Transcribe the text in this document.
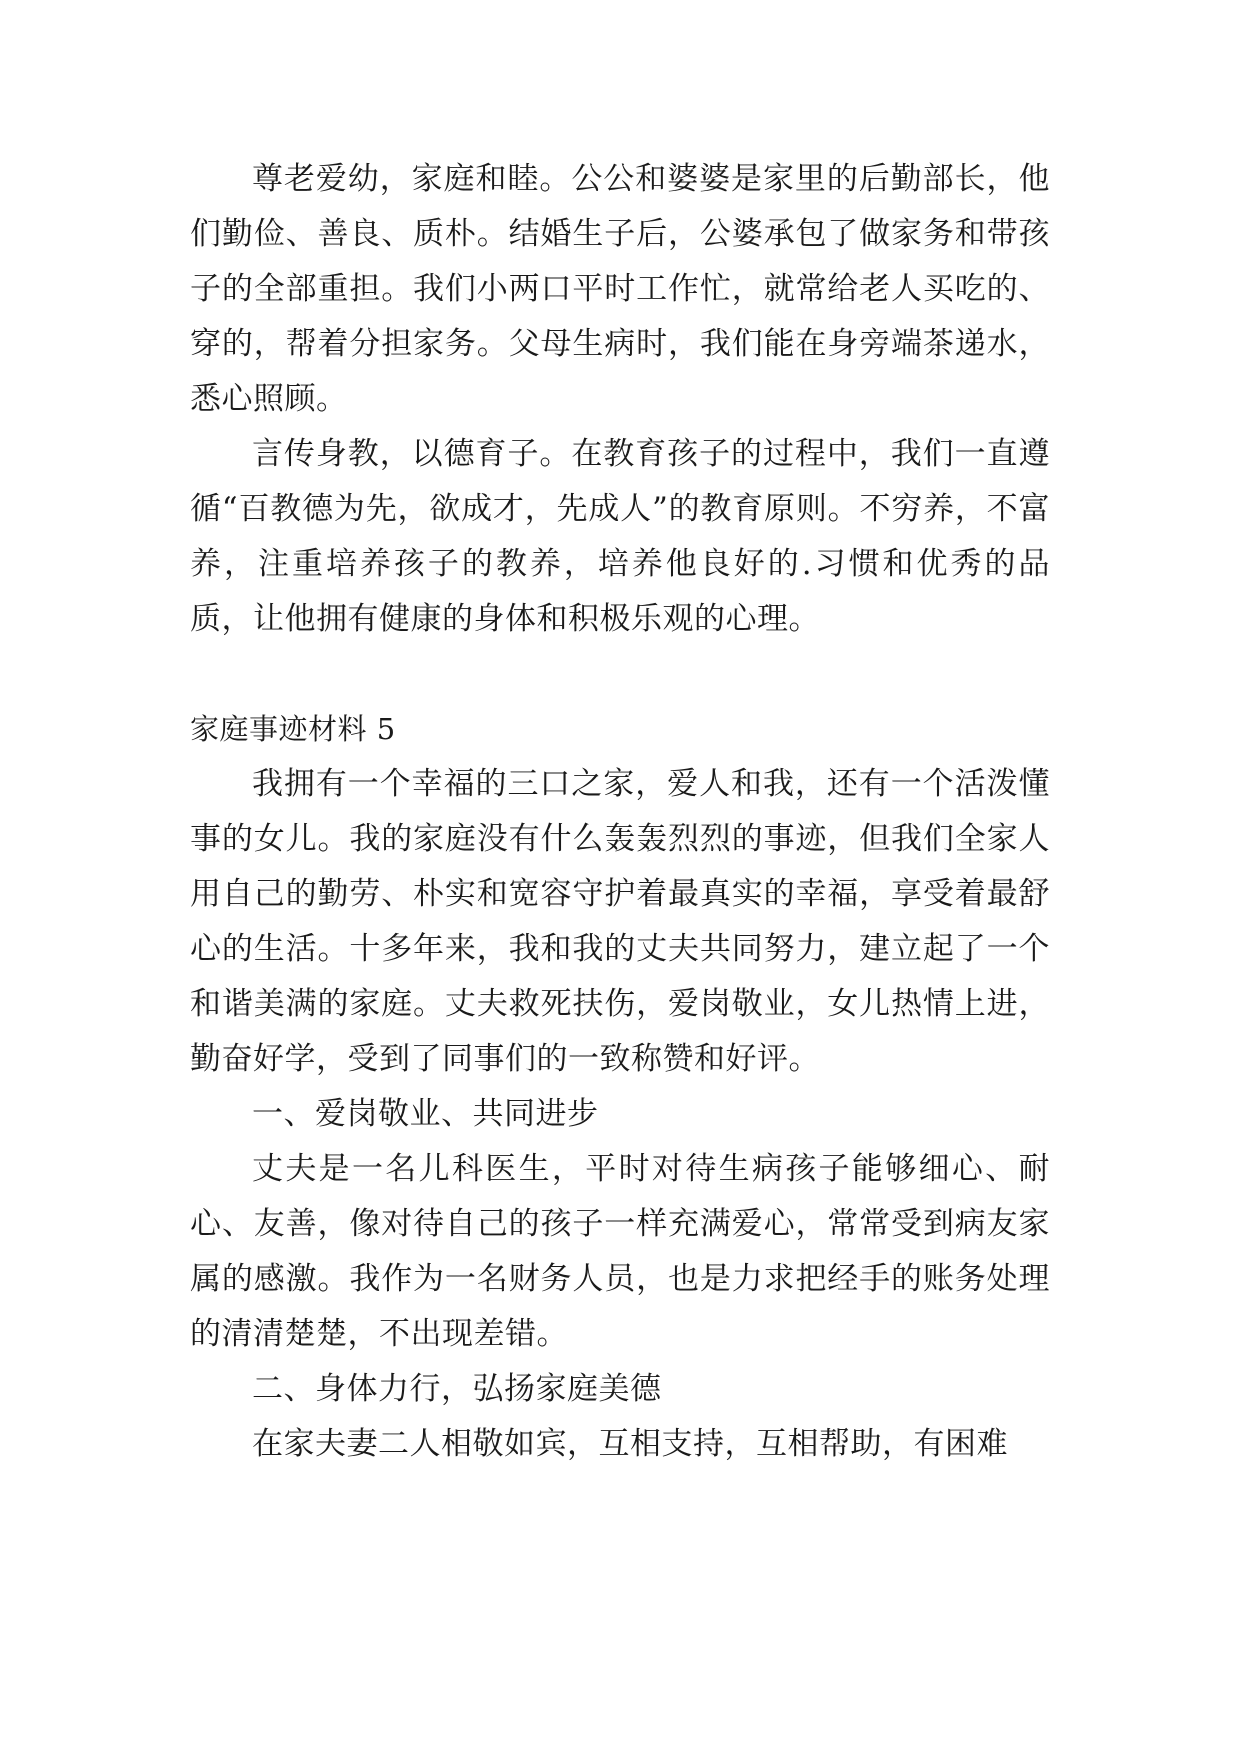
尊老爱幼，家庭和睦。公公和婆婆是家里的后勤部长，他们勤俭、善良、质朴。结婚生子后，公婆承包了做家务和带孩子的全部重担。我们小两口平时工作忙，就常给老人买吃的、穿的，帮着分担家务。父母生病时，我们能在身旁端茶递水，悉心照顾。

言传身教，以德育子。在教育孩子的过程中，我们一直遵循“百教德为先，欲成才，先成人”的教育原则。不穷养，不富养，注重培养孩子的教养，培养他良好的.习惯和优秀的品质，让他拥有健康的身体和积极乐观的心理。

家庭事迹材料 5

我拥有一个幸福的三口之家，爱人和我，还有一个活泼懂事的女儿。我的家庭没有什么轰轰烈烈的事迹，但我们全家人用自己的勤劳、朴实和宽容守护着最真实的幸福，享受着最舒心的生活。十多年来，我和我的丈夫共同努力，建立起了一个和谐美满的家庭。丈夫救死扶伤，爱岗敬业，女儿热情上进，勤奋好学，受到了同事们的一致称赞和好评。

一、爱岗敬业、共同进步

丈夫是一名儿科医生，平时对待生病孩子能够细心、耐心、友善，像对待自己的孩子一样充满爱心，常常受到病友家属的感激。我作为一名财务人员，也是力求把经手的账务处理的清清楚楚，不出现差错。

二、身体力行，弘扬家庭美德

在家夫妻二人相敬如宾，互相支持，互相帮助，有困难
